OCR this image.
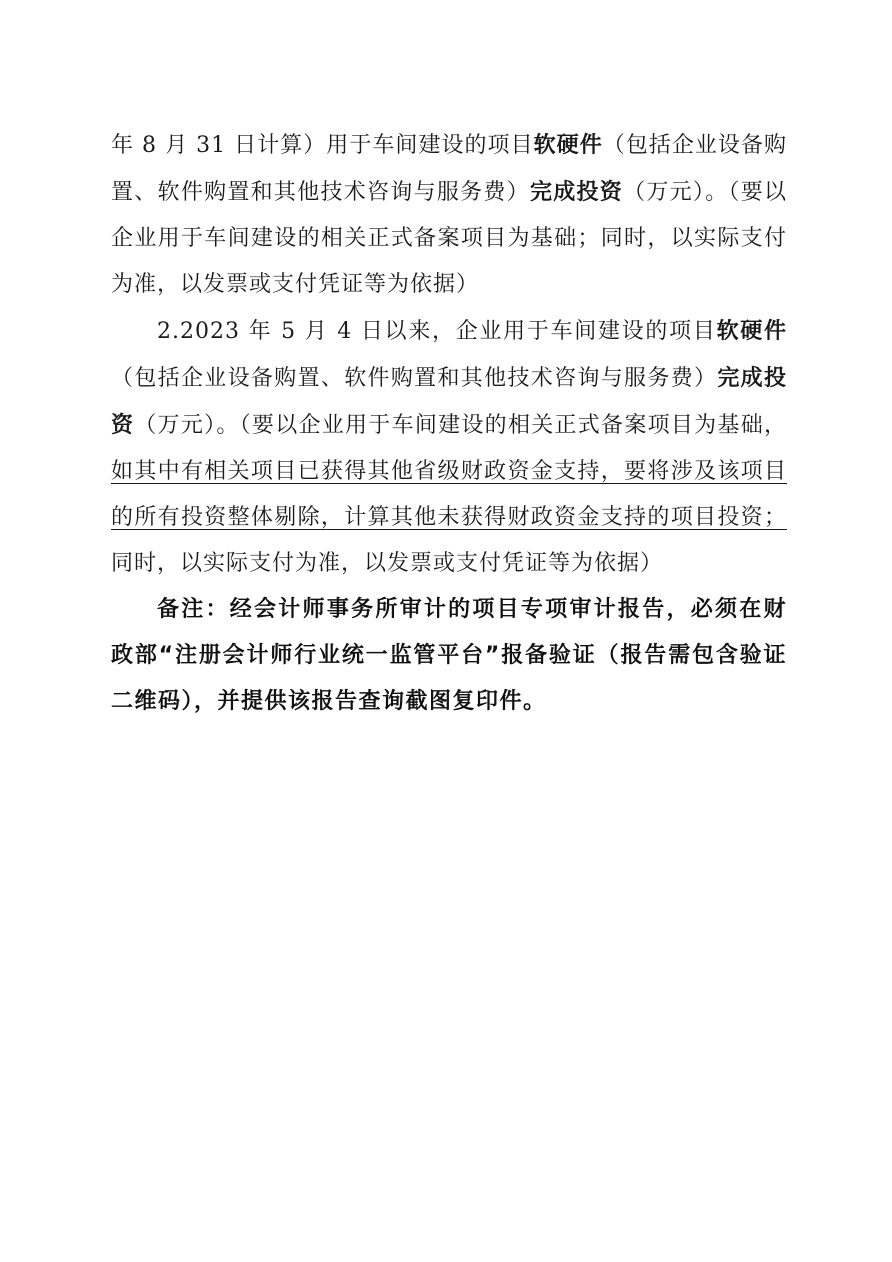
年 8 月 31 日计算）用于车间建设的项目软硬件（包括企业设备购置、软件购置和其他技术咨询与服务费）完成投资（万元）。（要以企业用于车间建设的相关正式备案项目为基础；同时，以实际支付为准，以发票或支付凭证等为依据）

2.2023 年 5 月 4 日以来，企业用于车间建设的项目软硬件（包括企业设备购置、软件购置和其他技术咨询与服务费）完成投资（万元）。（要以企业用于车间建设的相关正式备案项目为基础，如其中有相关项目已获得其他省级财政资金支持，要将涉及该项目的所有投资整体剔除，计算其他未获得财政资金支持的项目投资；同时，以实际支付为准，以发票或支付凭证等为依据）

备注：经会计师事务所审计的项目专项审计报告，必须在财政部“注册会计师行业统一监管平台”报备验证（报告需包含验证二维码），并提供该报告查询截图复印件。
